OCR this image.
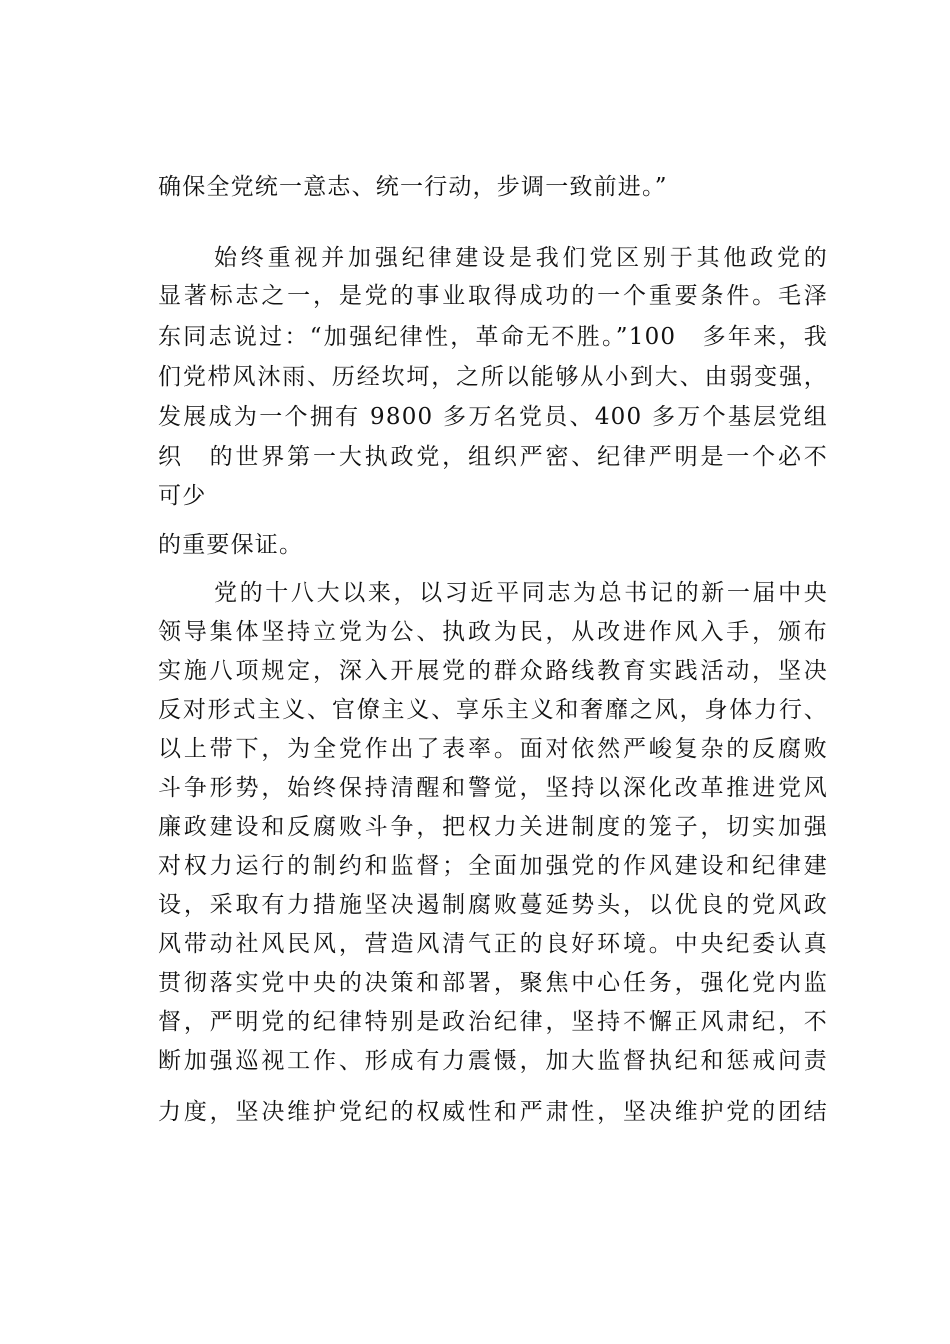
确保全党统一意志、统一行动，步调一致前进。”
始终重视并加强纪律建设是我们党区别于其他政党的
显著标志之一，是党的事业取得成功的一个重要条件。毛泽
东同志说过：“加强纪律性，革命无不胜。”100　多年来，我
们党栉风沐雨、历经坎坷，之所以能够从小到大、由弱变强，
发展成为一个拥有 9800 多万名党员、400 多万个基层党组
织　的世界第一大执政党，组织严密、纪律严明是一个必不
可少
的重要保证。
党的十八大以来，以习近平同志为总书记的新一届中央
领导集体坚持立党为公、执政为民，从改进作风入手，颁布
实施八项规定，深入开展党的群众路线教育实践活动，坚决
反对形式主义、官僚主义、享乐主义和奢靡之风，身体力行、
以上带下，为全党作出了表率。面对依然严峻复杂的反腐败
斗争形势，始终保持清醒和警觉，坚持以深化改革推进党风
廉政建设和反腐败斗争，把权力关进制度的笼子，切实加强
对权力运行的制约和监督；全面加强党的作风建设和纪律建
设，采取有力措施坚决遏制腐败蔓延势头，以优良的党风政
风带动社风民风，营造风清气正的良好环境。中央纪委认真
贯彻落实党中央的决策和部署，聚焦中心任务，强化党内监
督，严明党的纪律特别是政治纪律，坚持不懈正风肃纪，不
断加强巡视工作、形成有力震慑，加大监督执纪和惩戒问责
力度，坚决维护党纪的权威性和严肃性，坚决维护党的团结
